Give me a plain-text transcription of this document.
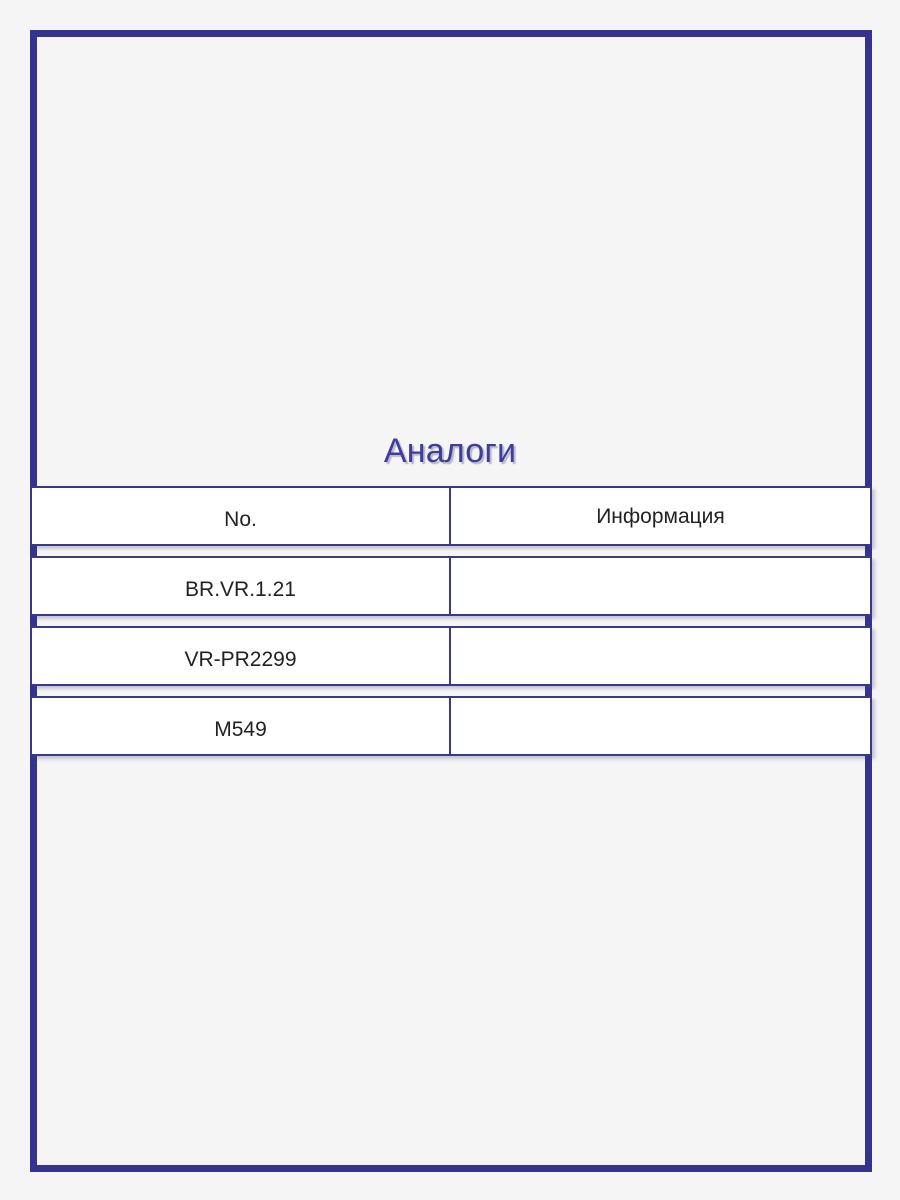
Аналоги
No.	Информация
BR.VR.1.21
VR-PR2299
M549
